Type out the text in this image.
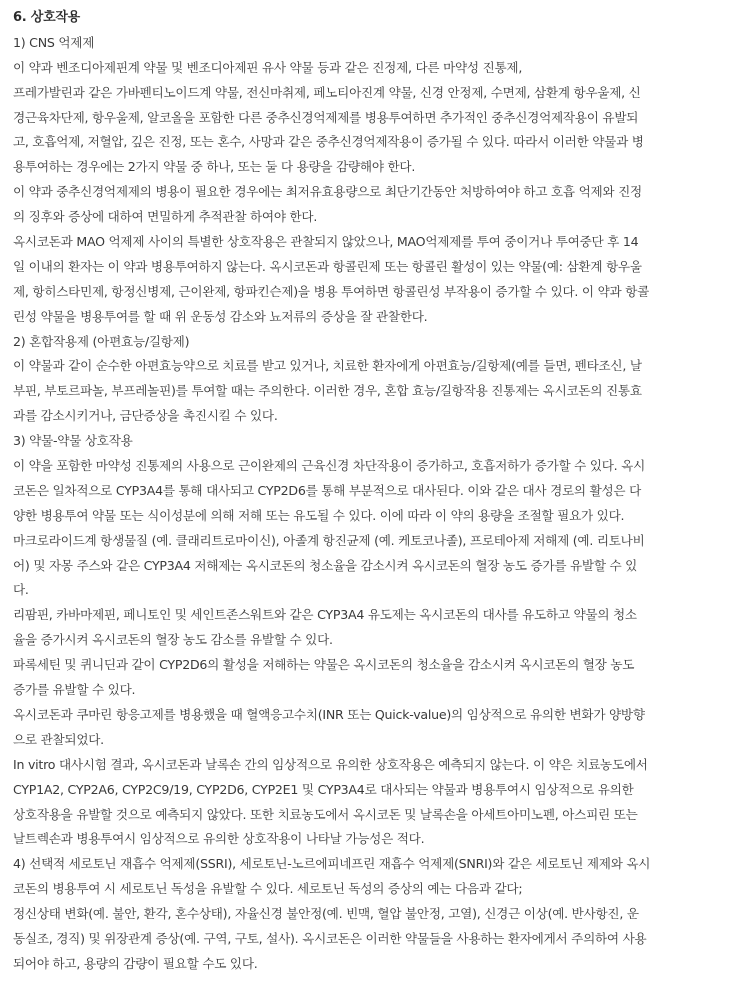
6. 상호작용
1) CNS 억제제
이 약과 벤조디아제핀계 약물 및 벤조디아제핀 유사 약물 등과 같은 진정제, 다른 마약성 진통제,
프레가발린과 같은 가바펜티노이드계 약물, 전신마취제, 페노티아진계 약물, 신경 안정제, 수면제, 삼환계 항우울제, 신
경근육차단제, 항우울제, 알코올을 포함한 다른 중추신경억제제를 병용투여하면 추가적인 중추신경억제작용이 유발되
고, 호흡억제, 저혈압, 깊은 진정, 또는 혼수, 사망과 같은 중추신경억제작용이 증가될 수 있다. 따라서 이러한 약물과 병
용투여하는 경우에는 2가지 약물 중 하나, 또는 둘 다 용량을 감량해야 한다.
이 약과 중추신경억제제의 병용이 필요한 경우에는 최저유효용량으로 최단기간동안 처방하여야 하고 호흡 억제와 진정
의 징후와 증상에 대하여 면밀하게 추적관찰 하여야 한다.
옥시코돈과 MAO 억제제 사이의 특별한 상호작용은 관찰되지 않았으나, MAO억제제를 투여 중이거나 투여중단 후 14
일 이내의 환자는 이 약과 병용투여하지 않는다. 옥시코돈과 항콜린제 또는 항콜린 활성이 있는 약물(예: 삼환계 항우울
제, 항히스타민제, 항정신병제, 근이완제, 항파킨슨제)을 병용 투여하면 항콜린성 부작용이 증가할 수 있다. 이 약과 항콜
린성 약물을 병용투여를 할 때 위 운동성 감소와 뇨저류의 증상을 잘 관찰한다.
2) 혼합작용제 (아편효능/길항제)
이 약물과 같이 순수한 아편효능약으로 치료를 받고 있거나, 치료한 환자에게 아편효능/길항제(예를 들면, 펜타조신, 날
부핀, 부토르파놀, 부프레놀핀)를 투여할 때는 주의한다. 이러한 경우, 혼합 효능/길항작용 진통제는 옥시코돈의 진통효
과를 감소시키거나, 금단증상을 촉진시킬 수 있다.
3) 약물-약물 상호작용
이 약을 포함한 마약성 진통제의 사용으로 근이완제의 근육신경 차단작용이 증가하고, 호흡저하가 증가할 수 있다. 옥시
코돈은 일차적으로 CYP3A4를 통해 대사되고 CYP2D6를 통해 부분적으로 대사된다. 이와 같은 대사 경로의 활성은 다
양한 병용투여 약물 또는 식이성분에 의해 저해 또는 유도될 수 있다. 이에 따라 이 약의 용량을 조절할 필요가 있다.
마크로라이드계 항생물질 (예. 클래리트로마이신), 아졸계 항진균제 (예. 케토코나졸), 프로테아제 저해제 (예. 리토나비
어) 및 자몽 주스와 같은 CYP3A4 저해제는 옥시코돈의 청소율을 감소시켜 옥시코돈의 혈장 농도 증가를 유발할 수 있
다.
리팜핀, 카바마제핀, 페니토인 및 세인트존스워트와 같은 CYP3A4 유도제는 옥시코돈의 대사를 유도하고 약물의 청소
율을 증가시켜 옥시코돈의 혈장 농도 감소를 유발할 수 있다.
파록세틴 및 퀴니딘과 같이 CYP2D6의 활성을 저해하는 약물은 옥시코돈의 청소율을 감소시켜 옥시코돈의 혈장 농도
증가를 유발할 수 있다.
옥시코돈과 쿠마린 항응고제를 병용했을 때 혈액응고수치(INR 또는 Quick-value)의 임상적으로 유의한 변화가 양방향
으로 관찰되었다.
In vitro 대사시험 결과, 옥시코돈과 날록손 간의 임상적으로 유의한 상호작용은 예측되지 않는다. 이 약은 치료농도에서
CYP1A2, CYP2A6, CYP2C9/19, CYP2D6, CYP2E1 및 CYP3A4로 대사되는 약물과 병용투여시 임상적으로 유의한
상호작용을 유발할 것으로 예측되지 않았다. 또한 치료농도에서 옥시코돈 및 날록손을 아세트아미노펜, 아스피린 또는
날트렉손과 병용투여시 임상적으로 유의한 상호작용이 나타날 가능성은 적다.
4) 선택적 세로토닌 재흡수 억제제(SSRI), 세로토닌-노르에피네프린 재흡수 억제제(SNRI)와 같은 세로토닌 제제와 옥시
코돈의 병용투여 시 세로토닌 독성을 유발할 수 있다. 세로토닌 독성의 증상의 예는 다음과 같다;
정신상태 변화(예. 불안, 환각, 혼수상태), 자율신경 불안정(예. 빈맥, 혈압 불안정, 고열), 신경근 이상(예. 반사항진, 운
동실조, 경직) 및 위장관계 증상(예. 구역, 구토, 설사). 옥시코돈은 이러한 약물들을 사용하는 환자에게서 주의하여 사용
되어야 하고, 용량의 감량이 필요할 수도 있다.
